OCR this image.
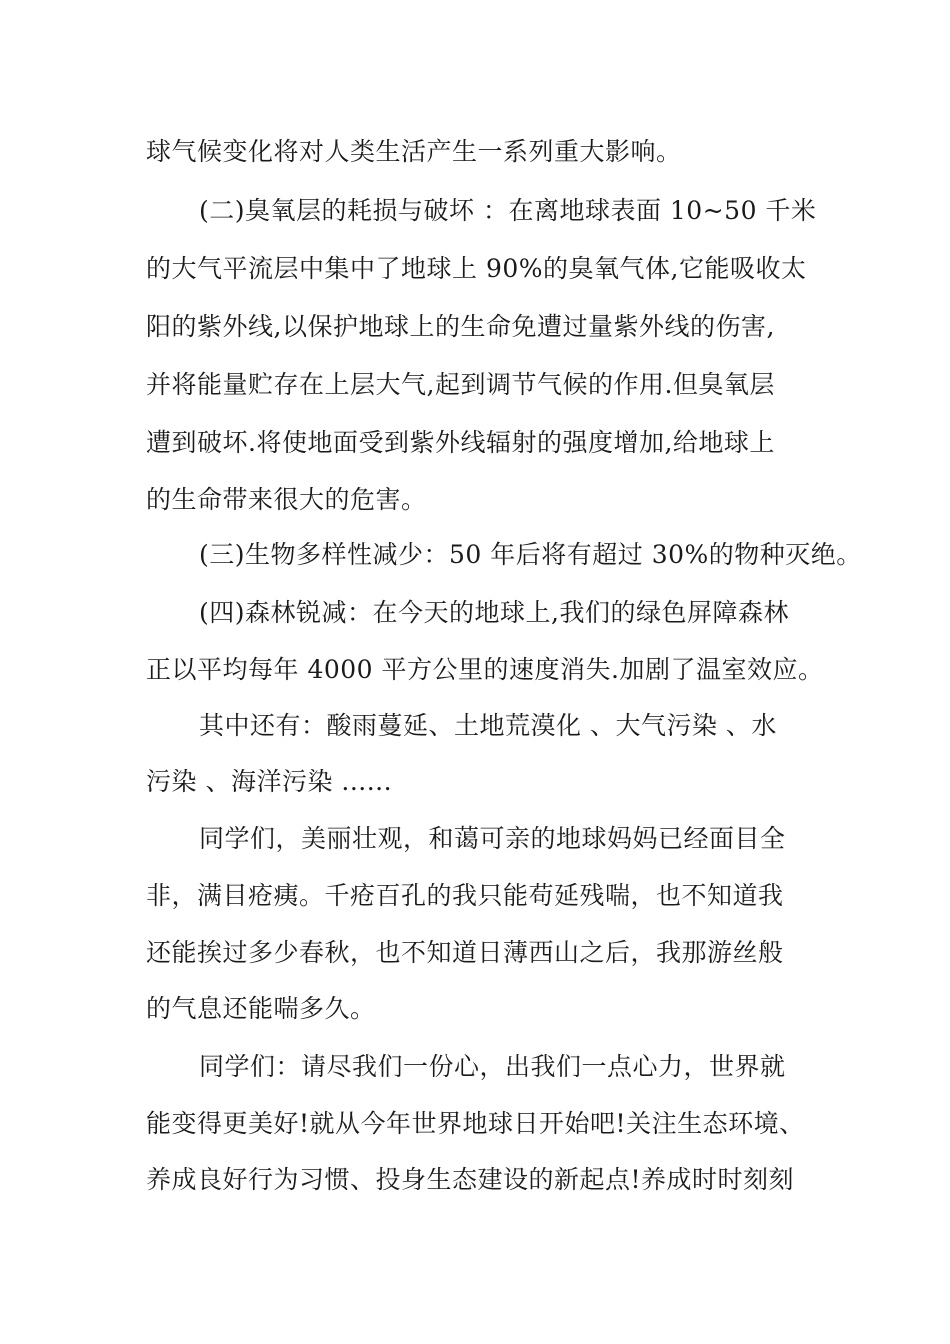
球气候变化将对人类生活产生一系列重大影响。

(二)臭氧层的耗损与破坏 ：在离地球表面 10~50 千米

的大气平流层中集中了地球上 90%的臭氧气体,它能吸收太

阳的紫外线,以保护地球上的生命免遭过量紫外线的伤害,

并将能量贮存在上层大气,起到调节气候的作用.但臭氧层

遭到破坏.将使地面受到紫外线辐射的强度增加,给地球上

的生命带来很大的危害。

(三)生物多样性减少：50 年后将有超过 30%的物种灭绝。

(四)森林锐减：在今天的地球上,我们的绿色屏障森林

正以平均每年 4000 平方公里的速度消失.加剧了温室效应。

其中还有：酸雨蔓延、土地荒漠化 、大气污染 、水

污染 、海洋污染 ......

同学们，美丽壮观，和蔼可亲的地球妈妈已经面目全

非，满目疮痍。千疮百孔的我只能苟延残喘，也不知道我

还能挨过多少春秋，也不知道日薄西山之后，我那游丝般

的气息还能喘多久。

同学们：请尽我们一份心，出我们一点心力，世界就

能变得更美好!就从今年世界地球日开始吧!关注生态环境、

养成良好行为习惯、投身生态建设的新起点!养成时时刻刻
